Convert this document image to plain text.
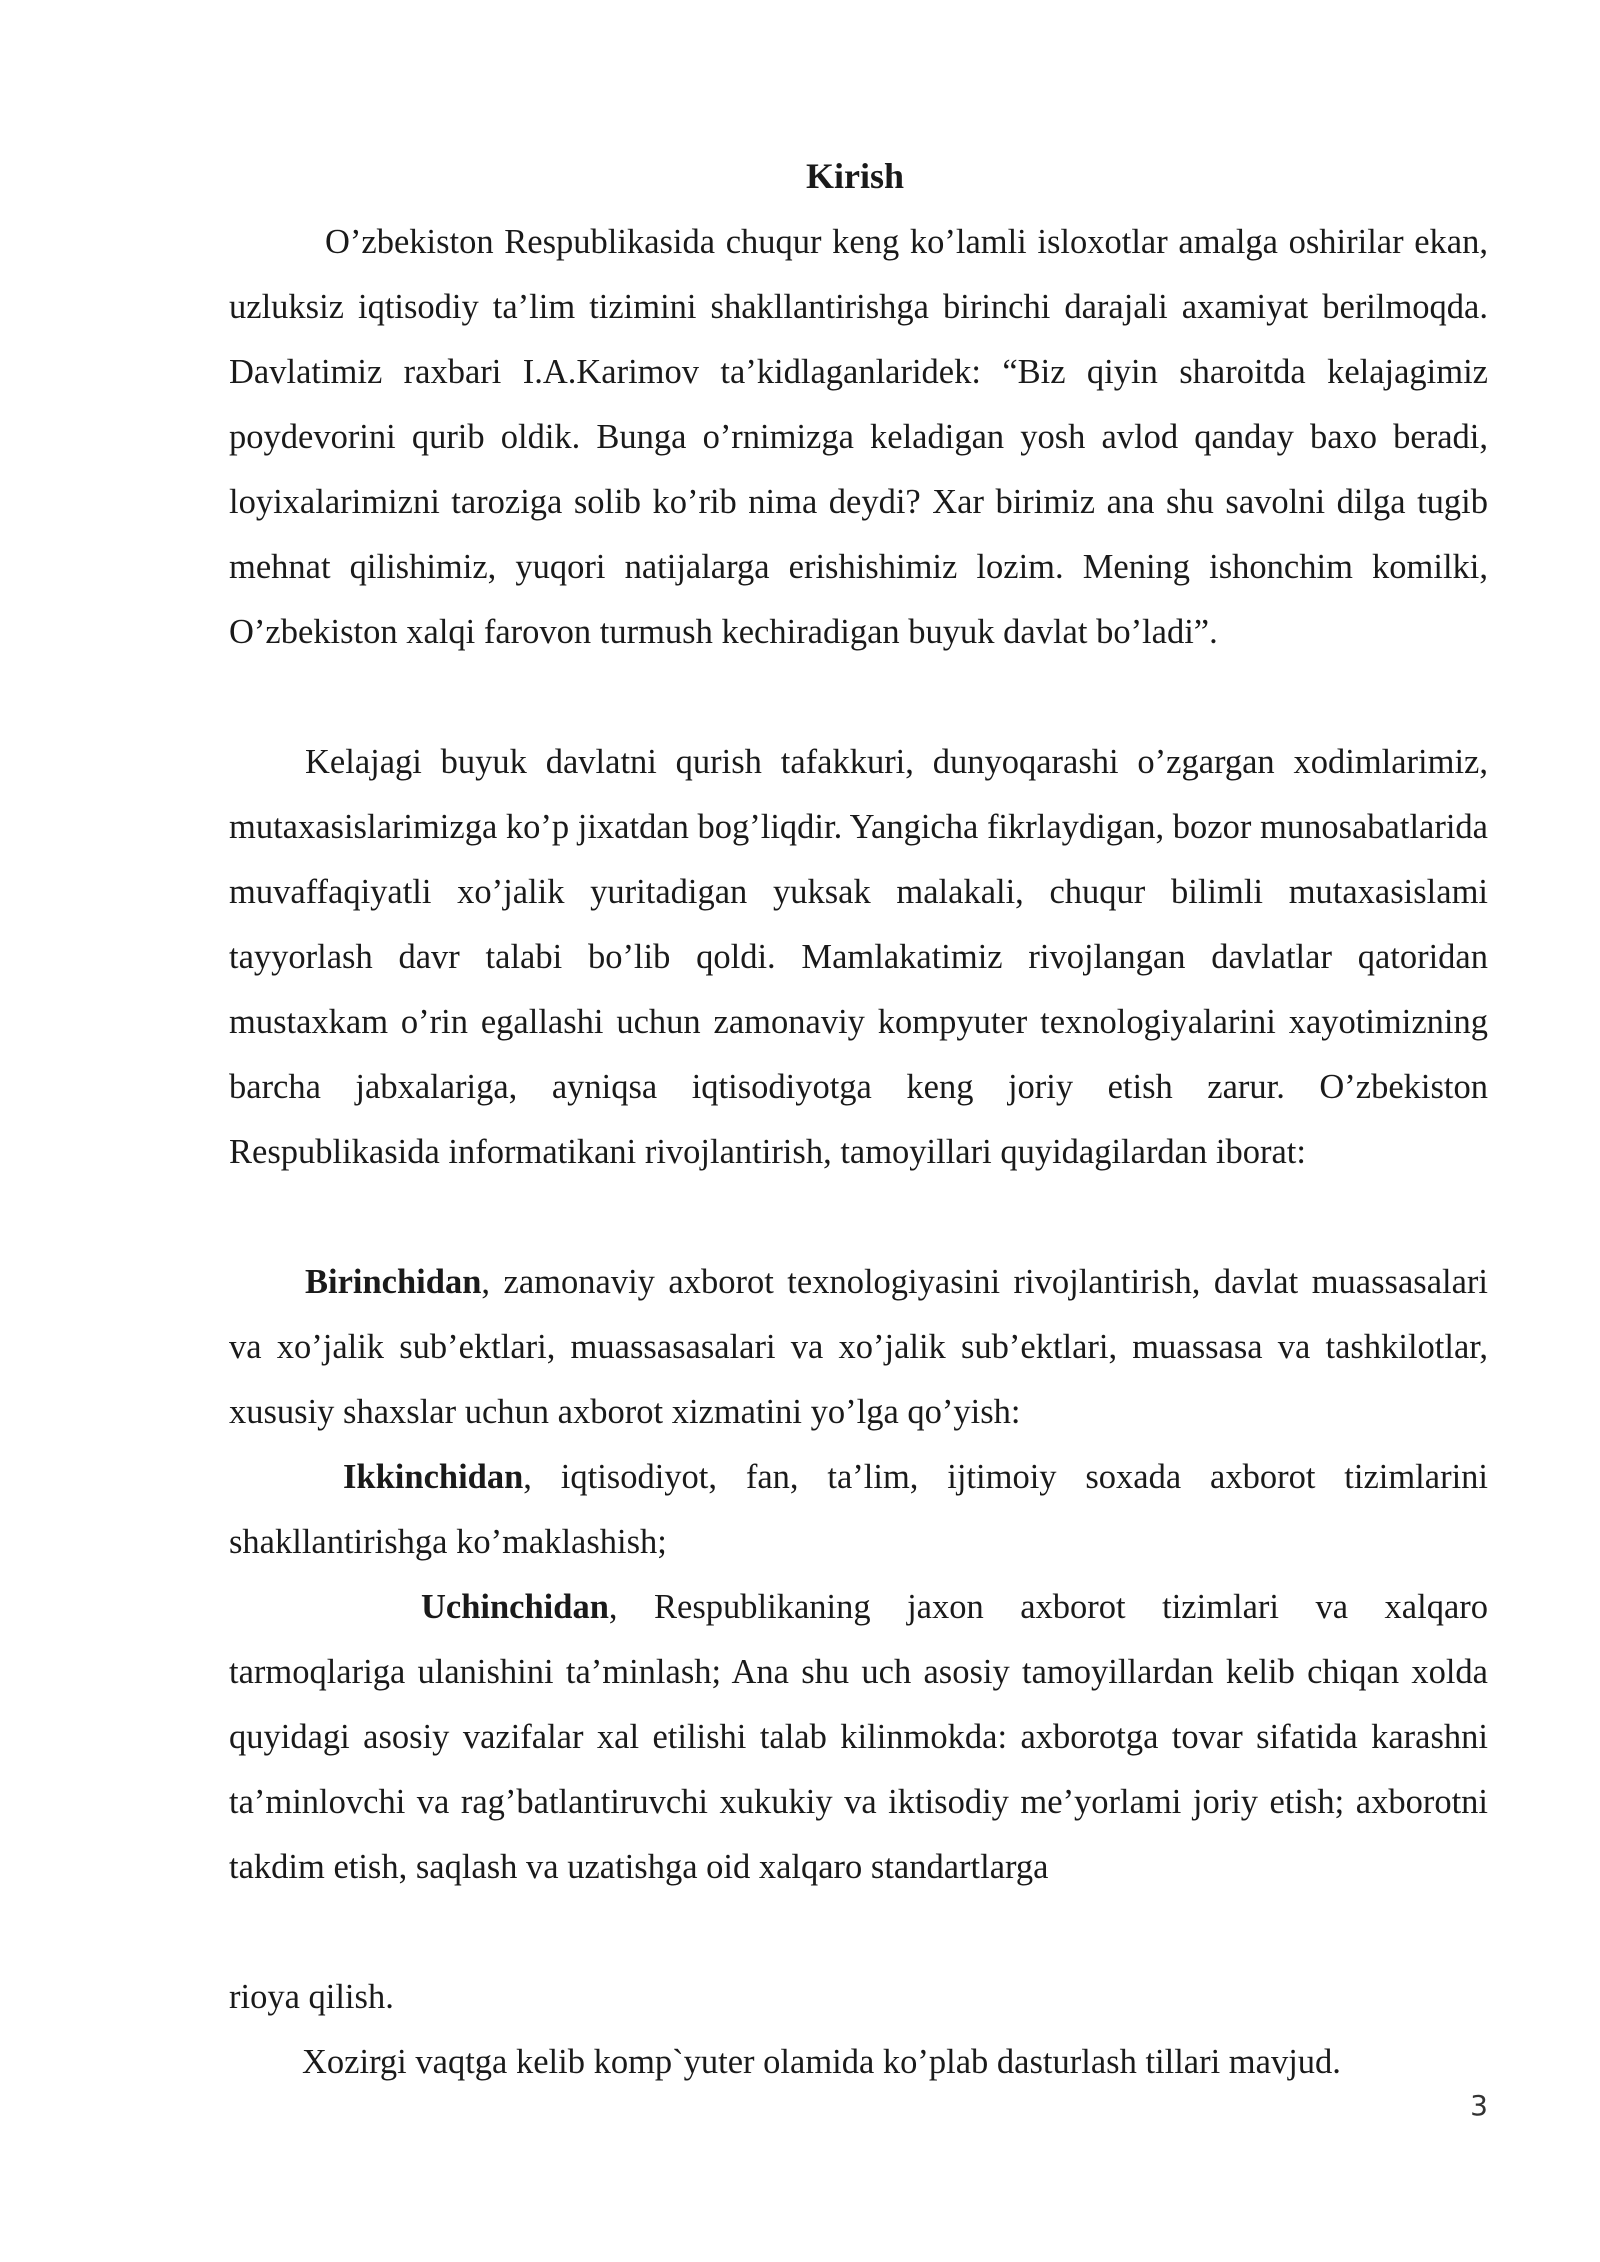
Kirish

O’zbekiston Respublikasida chuqur keng ko’lamli isloxotlar amalga oshirilar ekan, uzluksiz iqtisodiy ta’lim tizimini shakllantirishga birinchi darajali axamiyat berilmoqda. Davlatimiz raxbari I.A.Karimov ta’kidlaganlaridek: “Biz qiyin sharoitda kelajagimiz poydevorini qurib oldik. Bunga o’rnimizga keladigan yosh avlod qanday baxo beradi, loyixalarimizni taroziga solib ko’rib nima deydi? Xar birimiz ana shu savolni dilga tugib mehnat qilishimiz, yuqori natijalarga erishishimiz lozim. Mening ishonchim komilki, O’zbekiston xalqi farovon turmush kechiradigan buyuk davlat bo’ladi”.

Kelajagi buyuk davlatni qurish tafakkuri, dunyoqarashi o’zgargan xodimlarimiz, mutaxasislarimizga ko’p jixatdan bog’liqdir. Yangicha fikrlaydigan, bozor munosabatlarida muvaffaqiyatli xo’jalik yuritadigan yuksak malakali, chuqur bilimli mutaxasislami tayyorlash davr talabi bo’lib qoldi. Mamlakatimiz rivojlangan davlatlar qatoridan mustaxkam o’rin egallashi uchun zamonaviy kompyuter texnologiyalarini xayotimizning barcha jabxalariga, ayniqsa iqtisodiyotga keng joriy etish zarur. O’zbekiston Respublikasida informatikani rivojlantirish, tamoyillari quyidagilardan iborat:

Birinchidan, zamonaviy axborot texnologiyasini rivojlantirish, davlat muassasalari va xo’jalik sub’ektlari, muassasasalari va xo’jalik sub’ektlari, muassasa va tashkilotlar, xususiy shaxslar uchun axborot xizmatini yo’lga qo’yish:

Ikkinchidan, iqtisodiyot, fan, ta’lim, ijtimoiy soxada axborot tizimlarini shakllantirishga ko’maklashish;

Uchinchidan, Respublikaning jaxon axborot tizimlari va xalqaro tarmoqlariga ulanishini ta’minlash; Ana shu uch asosiy tamoyillardan kelib chiqan xolda quyidagi asosiy vazifalar xal etilishi talab kilinmokda: axborotga tovar sifatida karashni ta’minlovchi va rag’batlantiruvchi xukukiy va iktisodiy me’yorlami joriy etish; axborotni takdim etish, saqlash va uzatishga oid xalqaro standartlarga

rioya qilish.

Xozirgi vaqtga kelib komp`yuter olamida ko’plab dasturlash tillari mavjud.

3
